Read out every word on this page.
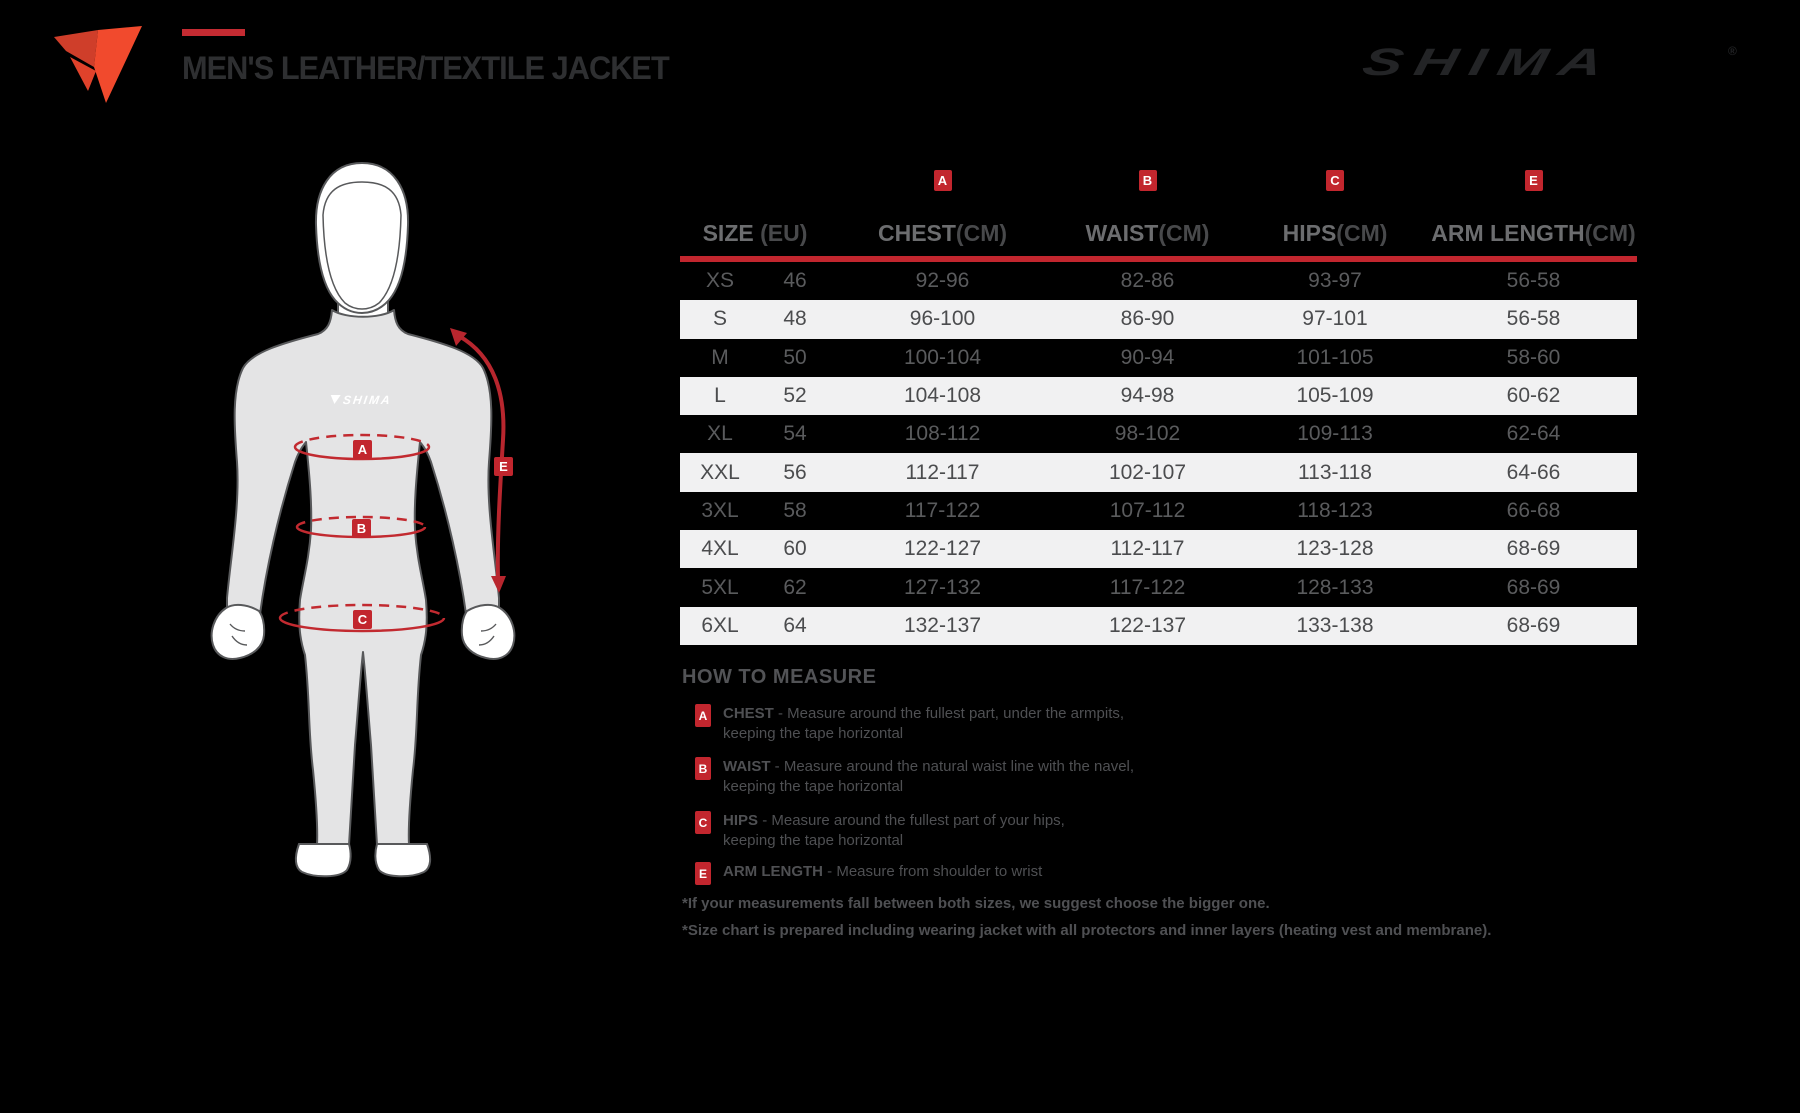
MEN'S LEATHER/TEXTILE JACKET	SHIMA	®
SHIMA
A
B
C
E
A	B	C	E
SIZE (EU)	CHEST(CM)	WAIST(CM)	HIPS(CM)	ARM LENGTH(CM)
XS	46	92-96	82-86	93-97	56-58
S	48	96-100	86-90	97-101	56-58
M	50	100-104	90-94	101-105	58-60
L	52	104-108	94-98	105-109	60-62
XL	54	108-112	98-102	109-113	62-64
XXL	56	112-117	102-107	113-118	64-66
3XL	58	117-122	107-112	118-123	66-68
4XL	60	122-127	112-117	123-128	68-69
5XL	62	127-132	117-122	128-133	68-69
6XL	64	132-137	122-137	133-138	68-69
HOW TO MEASURE
A CHEST - Measure around the fullest part, under the armpits,
keeping the tape horizontal
B WAIST - Measure around the natural waist line with the navel,
keeping the tape horizontal
C HIPS - Measure around the fullest part of your hips,
keeping the tape horizontal
E ARM LENGTH - Measure from shoulder to wrist
*If your measurements fall between both sizes, we suggest choose the bigger one.
*Size chart is prepared including wearing jacket with all protectors and inner layers (heating vest and membrane).
